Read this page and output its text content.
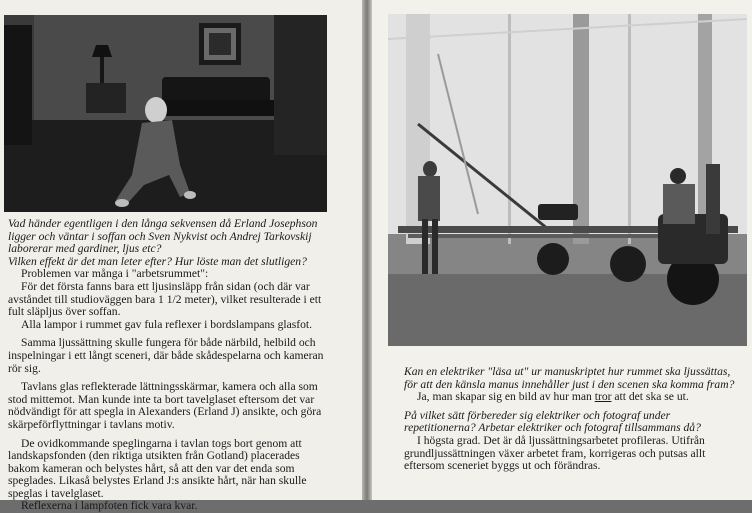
Vad händer egentligen i den långa sekvensen då Erland Josephson ligger och väntar i soffan och Sven Nykvist och Andrej Tarkovskij laborerar med gardiner, ljus etc?

Vilken effekt är det man leter efter? Hur löste man det slutligen?

Problemen var många i "arbetsrummet":

För det första fanns bara ett ljusinsläpp från sidan (och där var avståndet till studioväggen bara 1 1/2 meter), vilket resulterade i ett fult släpljus över soffan.

Alla lampor i rummet gav fula reflexer i bordslampans glasfot.

Samma ljussättning skulle fungera för både närbild, helbild och inspelningar i ett långt sceneri, där både skådespelarna och kameran rör sig.

Tavlans glas reflekterade lättningsskärmar, kamera och alla som stod mittemot. Man kunde inte ta bort tavelglaset eftersom det var nödvändigt för att spegla in Alexanders (Erland J) ansikte, och göra skärpeförflyttningar i tavlans motiv.

De ovidkommande speglingarna i tavlan togs bort genom att landskapsfonden (den riktiga utsikten från Gotland) placerades bakom kameran och belystes hårt, så att den var det enda som speglades. Likaså belystes Erland J:s ansikte hårt, när han skulle speglas i tavelglaset.

Reflexerna i lampfoten fick vara kvar.

Kan en elektriker "läsa ut" ur manuskriptet hur rummet ska ljussättas, för att den känsla manus innehåller just i den scenen ska komma fram?

Ja, man skapar sig en bild av hur man tror att det ska se ut.

På vilket sätt förbereder sig elektriker och fotograf under repetitionerna? Arbetar elektriker och fotograf tillsammans då?

I högsta grad. Det är då ljussättningsarbetet profileras. Utifrån grundljussättningen växer arbetet fram, korrigeras och putsas allt eftersom sceneriet byggs ut och förändras.
